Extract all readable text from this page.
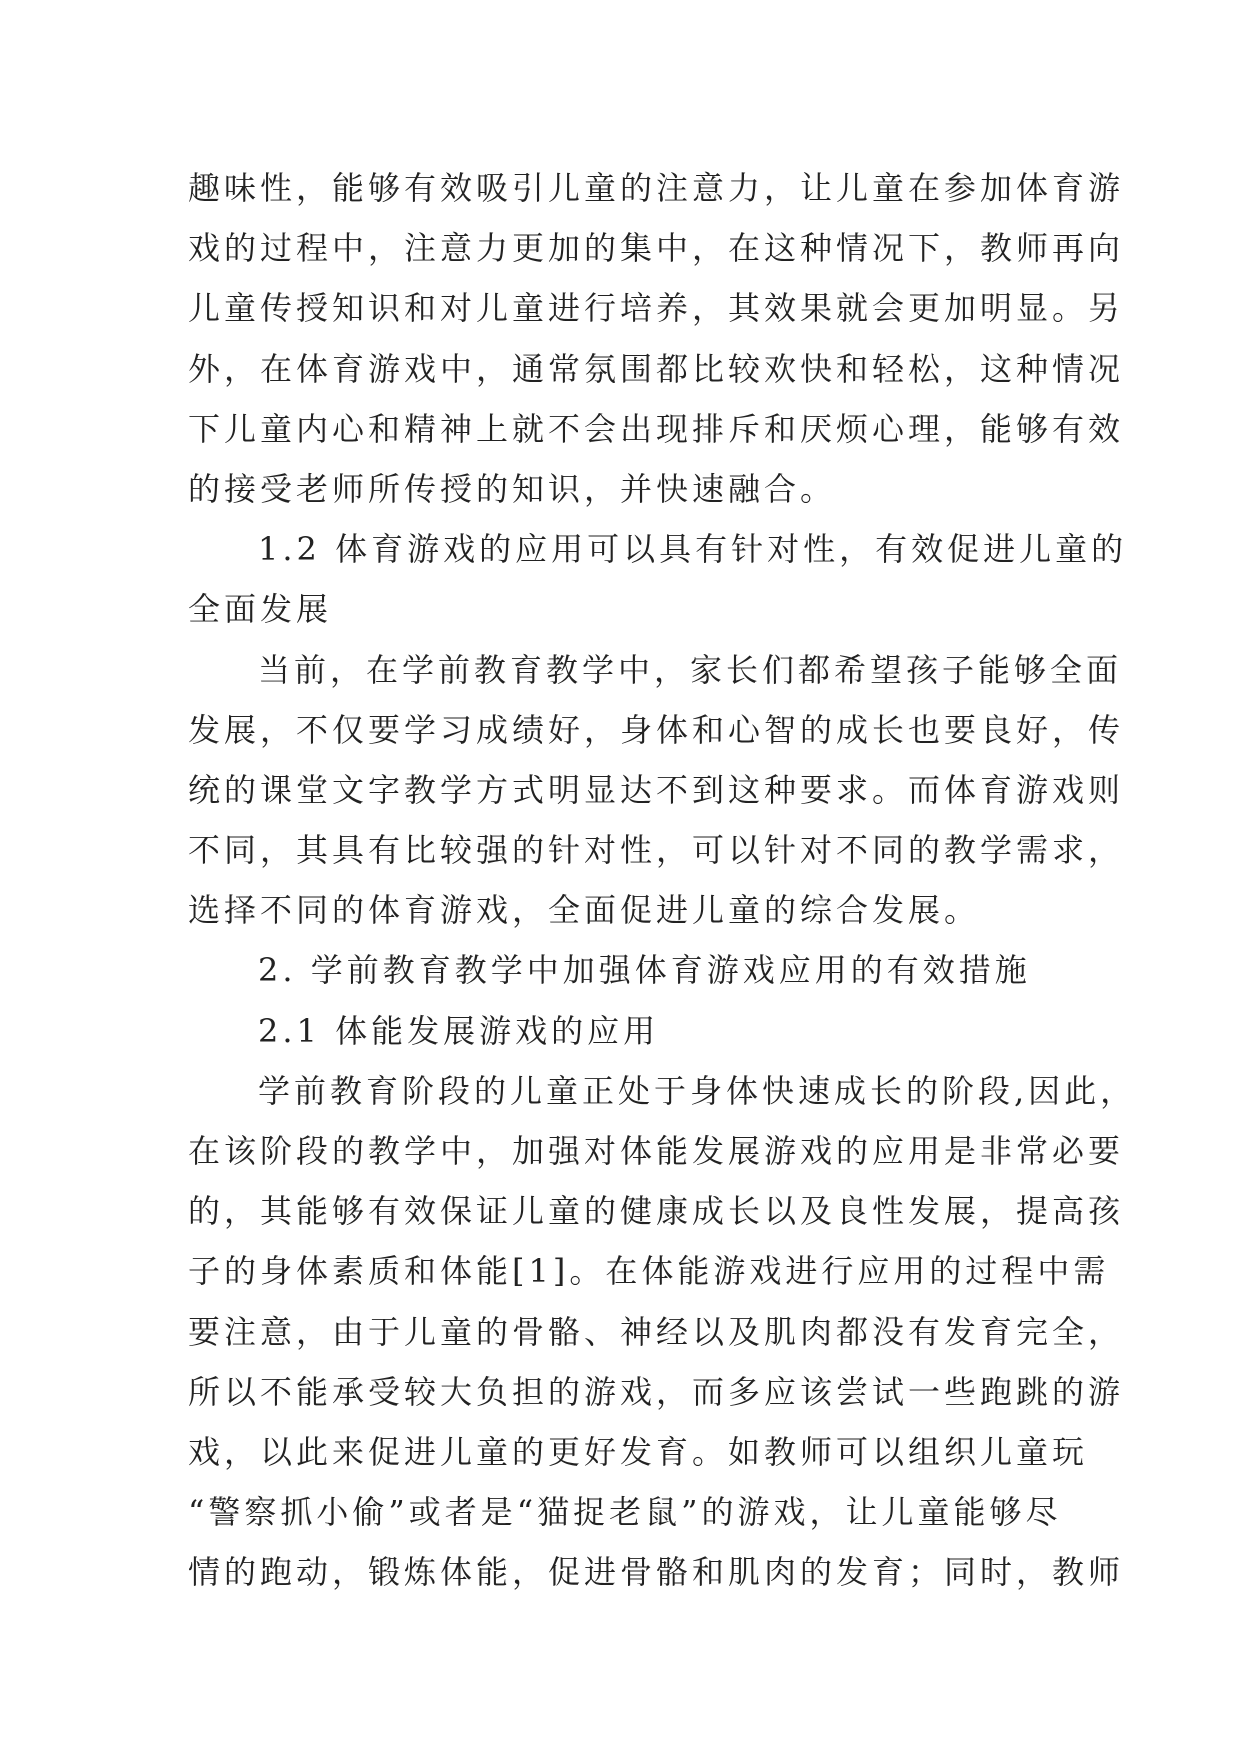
趣味性，能够有效吸引儿童的注意力，让儿童在参加体育游
戏的过程中，注意力更加的集中，在这种情况下，教师再向
儿童传授知识和对儿童进行培养，其效果就会更加明显。另
外，在体育游戏中，通常氛围都比较欢快和轻松，这种情况
下儿童内心和精神上就不会出现排斥和厌烦心理，能够有效
的接受老师所传授的知识，并快速融合。
1.2 体育游戏的应用可以具有针对性，有效促进儿童的
全面发展
当前，在学前教育教学中，家长们都希望孩子能够全面
发展，不仅要学习成绩好，身体和心智的成长也要良好，传
统的课堂文字教学方式明显达不到这种要求。而体育游戏则
不同，其具有比较强的针对性，可以针对不同的教学需求，
选择不同的体育游戏，全面促进儿童的综合发展。
2. 学前教育教学中加强体育游戏应用的有效措施
2.1 体能发展游戏的应用
学前教育阶段的儿童正处于身体快速成长的阶段,因此，
在该阶段的教学中，加强对体能发展游戏的应用是非常必要
的，其能够有效保证儿童的健康成长以及良性发展，提高孩
子的身体素质和体能[1]。在体能游戏进行应用的过程中需
要注意，由于儿童的骨骼、神经以及肌肉都没有发育完全，
所以不能承受较大负担的游戏，而多应该尝试一些跑跳的游
戏，以此来促进儿童的更好发育。如教师可以组织儿童玩
“警察抓小偷”或者是“猫捉老鼠”的游戏，让儿童能够尽
情的跑动，锻炼体能，促进骨骼和肌肉的发育；同时，教师
